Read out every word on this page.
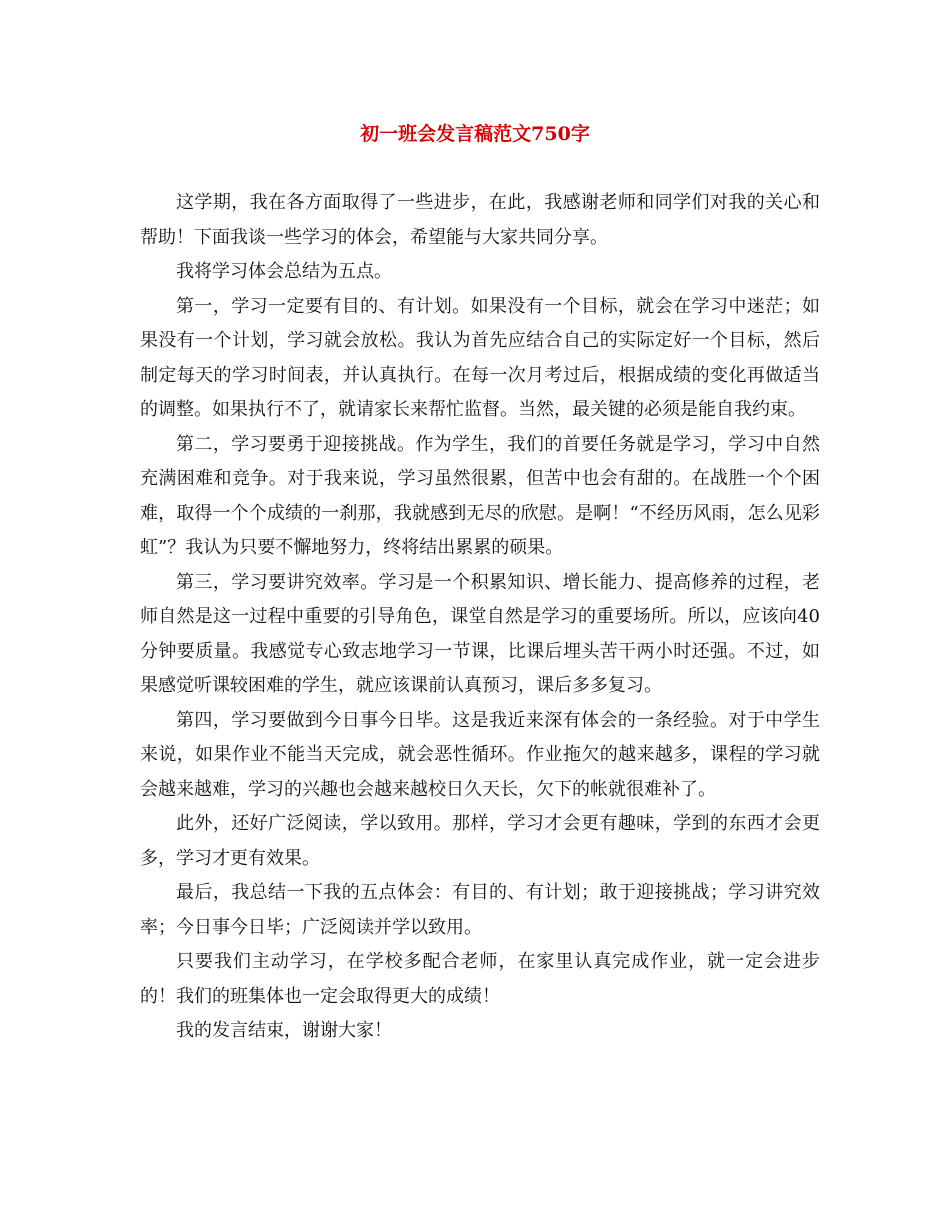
初一班会发言稿范文750字

这学期，我在各方面取得了一些进步，在此，我感谢老师和同学们对我的关心和帮助！下面我谈一些学习的体会，希望能与大家共同分享。

我将学习体会总结为五点。

第一，学习一定要有目的、有计划。如果没有一个目标，就会在学习中迷茫；如果没有一个计划，学习就会放松。我认为首先应结合自己的实际定好一个目标，然后制定每天的学习时间表，并认真执行。在每一次月考过后，根据成绩的变化再做适当的调整。如果执行不了，就请家长来帮忙监督。当然，最关键的必须是能自我约束。

第二，学习要勇于迎接挑战。作为学生，我们的首要任务就是学习，学习中自然充满困难和竞争。对于我来说，学习虽然很累，但苦中也会有甜的。在战胜一个个困难，取得一个个成绩的一刹那，我就感到无尽的欣慰。是啊！“不经历风雨，怎么见彩虹”？我认为只要不懈地努力，终将结出累累的硕果。

第三，学习要讲究效率。学习是一个积累知识、增长能力、提高修养的过程，老师自然是这一过程中重要的引导角色，课堂自然是学习的重要场所。所以，应该向40分钟要质量。我感觉专心致志地学习一节课，比课后埋头苦干两小时还强。不过，如果感觉听课较困难的学生，就应该课前认真预习，课后多多复习。

第四，学习要做到今日事今日毕。这是我近来深有体会的一条经验。对于中学生来说，如果作业不能当天完成，就会恶性循环。作业拖欠的越来越多，课程的学习就会越来越难，学习的兴趣也会越来越校日久天长，欠下的帐就很难补了。

此外，还好广泛阅读，学以致用。那样，学习才会更有趣味，学到的东西才会更多，学习才更有效果。

最后，我总结一下我的五点体会：有目的、有计划；敢于迎接挑战；学习讲究效率；今日事今日毕；广泛阅读并学以致用。

只要我们主动学习，在学校多配合老师，在家里认真完成作业，就一定会进步的！我们的班集体也一定会取得更大的成绩！

我的发言结束，谢谢大家！
